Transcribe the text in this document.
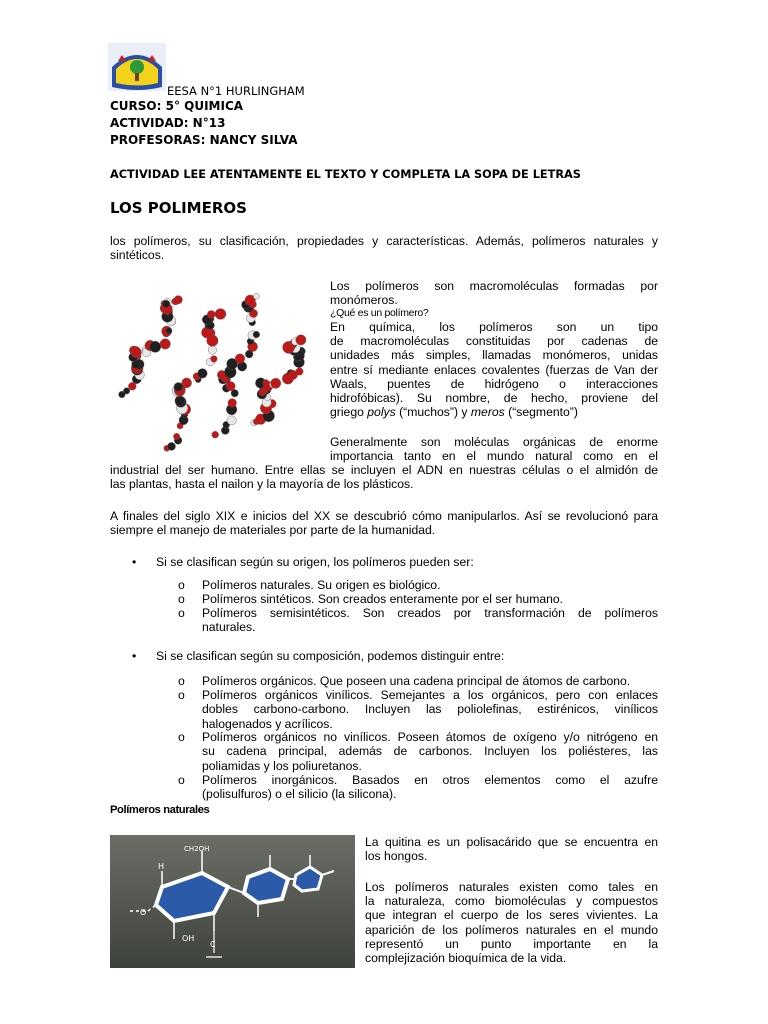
EESA N°1 HURLINGHAM
CURSO: 5° QUIMICA
ACTIVIDAD: N°13
PROFESORAS: NANCY SILVA
ACTIVIDAD LEE ATENTAMENTE EL TEXTO Y COMPLETA LA SOPA DE LETRAS
LOS POLIMEROS
los polímeros, su clasificación, propiedades y características. Además, polímeros naturales y
sintéticos.
Los polímeros son macromoléculas formadas por
monómeros.
¿Qué es un polímero?
En química, los polímeros son un tipo
de macromoléculas constituidas por cadenas de
unidades más simples, llamadas monómeros, unidas
entre sí mediante enlaces covalentes (fuerzas de Van der
Waals, puentes de hidrógeno o interacciones
hidrofóbicas). Su nombre, de hecho, proviene del
griego polys (“muchos”) y meros (“segmento”)
Generalmente son moléculas orgánicas de enorme
importancia tanto en el mundo natural como en el
industrial del ser humano. Entre ellas se incluyen el ADN en nuestras células o el almidón de
las plantas, hasta el nailon y la mayoría de los plásticos.
A finales del siglo XIX e inicios del XX se descubrió cómo manipularlos. Así se revolucionó para
siempre el manejo de materiales por parte de la humanidad.
• Si se clasifican según su origen, los polímeros pueden ser:
o Polímeros naturales. Su origen es biológico.
o Polímeros sintéticos. Son creados enteramente por el ser humano.
o Polímeros semisintéticos. Son creados por transformación de polímeros
naturales.
• Si se clasifican según su composición, podemos distinguir entre:
o Polímeros orgánicos. Que poseen una cadena principal de átomos de carbono.
o Polímeros orgánicos vinílicos. Semejantes a los orgánicos, pero con enlaces
dobles carbono-carbono. Incluyen las poliolefinas, estirénicos, vinílicos
halogenados y acrílicos.
o Polímeros orgánicos no vinílicos. Poseen átomos de oxígeno y/o nitrógeno en
su cadena principal, además de carbonos. Incluyen los poliésteres, las
poliamidas y los poliuretanos.
o Polímeros inorgánicos. Basados en otros elementos como el azufre
(polisulfuros) o el silicio (la silicona).
Polímeros naturales
CH2OH
H
OH
O
C
La quitina es un polisacárido que se encuentra en
los hongos.
Los polímeros naturales existen como tales en
la naturaleza, como biomoléculas y compuestos
que integran el cuerpo de los seres vivientes. La
aparición de los polímeros naturales en el mundo
representó un punto importante en la
complejización bioquímica de la vida.
